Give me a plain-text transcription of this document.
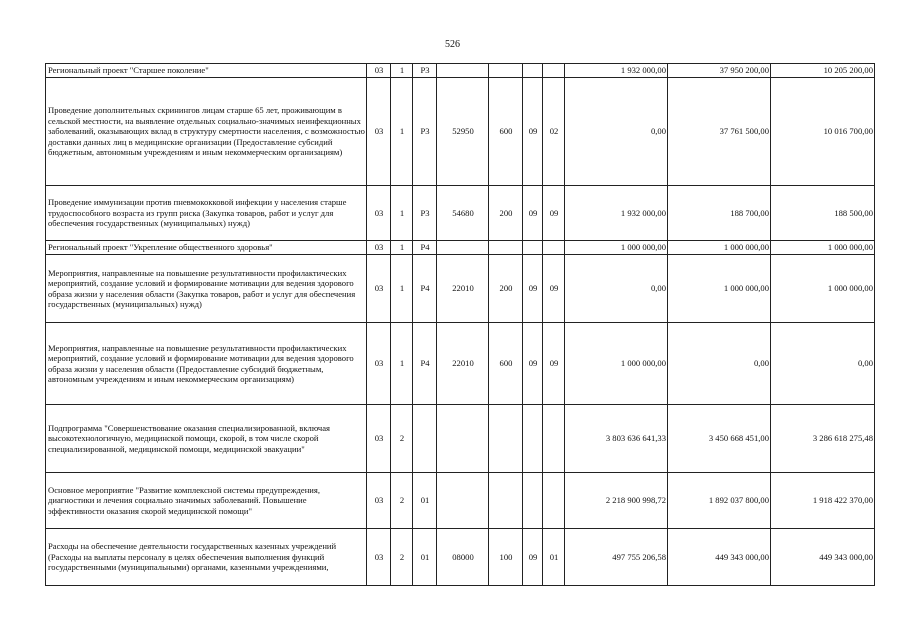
526
Региональный проект "Старшее поколение"	03	1	P3					1 932 000,00	37 950 200,00	10 205 200,00
Проведение дополнительных скринингов лицам старше 65 лет, проживающим в сельской местности, на выявление отдельных социально-значимых неинфекционных заболеваний, оказывающих вклад в структуру смертности населения, с возможностью доставки данных лиц в медицинские организации (Предоставление субсидий бюджетным, автономным учреждениям и иным некоммерческим организациям)	03	1	P3	52950	600	09	02	0,00	37 761 500,00	10 016 700,00
Проведение иммунизации против пневмококковой инфекции у населения старше трудоспособного возраста из групп риска (Закупка товаров, работ и услуг для обеспечения государственных (муниципальных) нужд)	03	1	P3	54680	200	09	09	1 932 000,00	188 700,00	188 500,00
Региональный проект "Укрепление общественного здоровья"	03	1	P4					1 000 000,00	1 000 000,00	1 000 000,00
Мероприятия, направленные на повышение результативности профилактических мероприятий, создание условий и формирование мотивации для ведения здорового образа жизни у населения области (Закупка товаров, работ и услуг для обеспечения государственных (муниципальных) нужд)	03	1	P4	22010	200	09	09	0,00	1 000 000,00	1 000 000,00
Мероприятия, направленные на повышение результативности профилактических мероприятий, создание условий и формирование мотивации для ведения здорового образа жизни у населения области (Предоставление субсидий бюджетным, автономным учреждениям и иным некоммерческим организациям)	03	1	P4	22010	600	09	09	1 000 000,00	0,00	0,00
Подпрограмма "Совершенствование оказания специализированной, включая высокотехнологичную, медицинской помощи, скорой, в том числе скорой специализированной, медицинской помощи, медицинской эвакуации"	03	2						3 803 636 641,33	3 450 668 451,00	3 286 618 275,48
Основное мероприятие "Развитие комплексной системы предупреждения, диагностики и лечения социально значимых заболеваний. Повышение эффективности оказания скорой медицинской помощи"	03	2	01					2 218 900 998,72	1 892 037 800,00	1 918 422 370,00
Расходы на обеспечение деятельности государственных казенных учреждений (Расходы на выплаты персоналу в целях обеспечения выполнения функций государственными (муниципальными) органами, казенными учреждениями,	03	2	01	08000	100	09	01	497 755 206,58	449 343 000,00	449 343 000,00
